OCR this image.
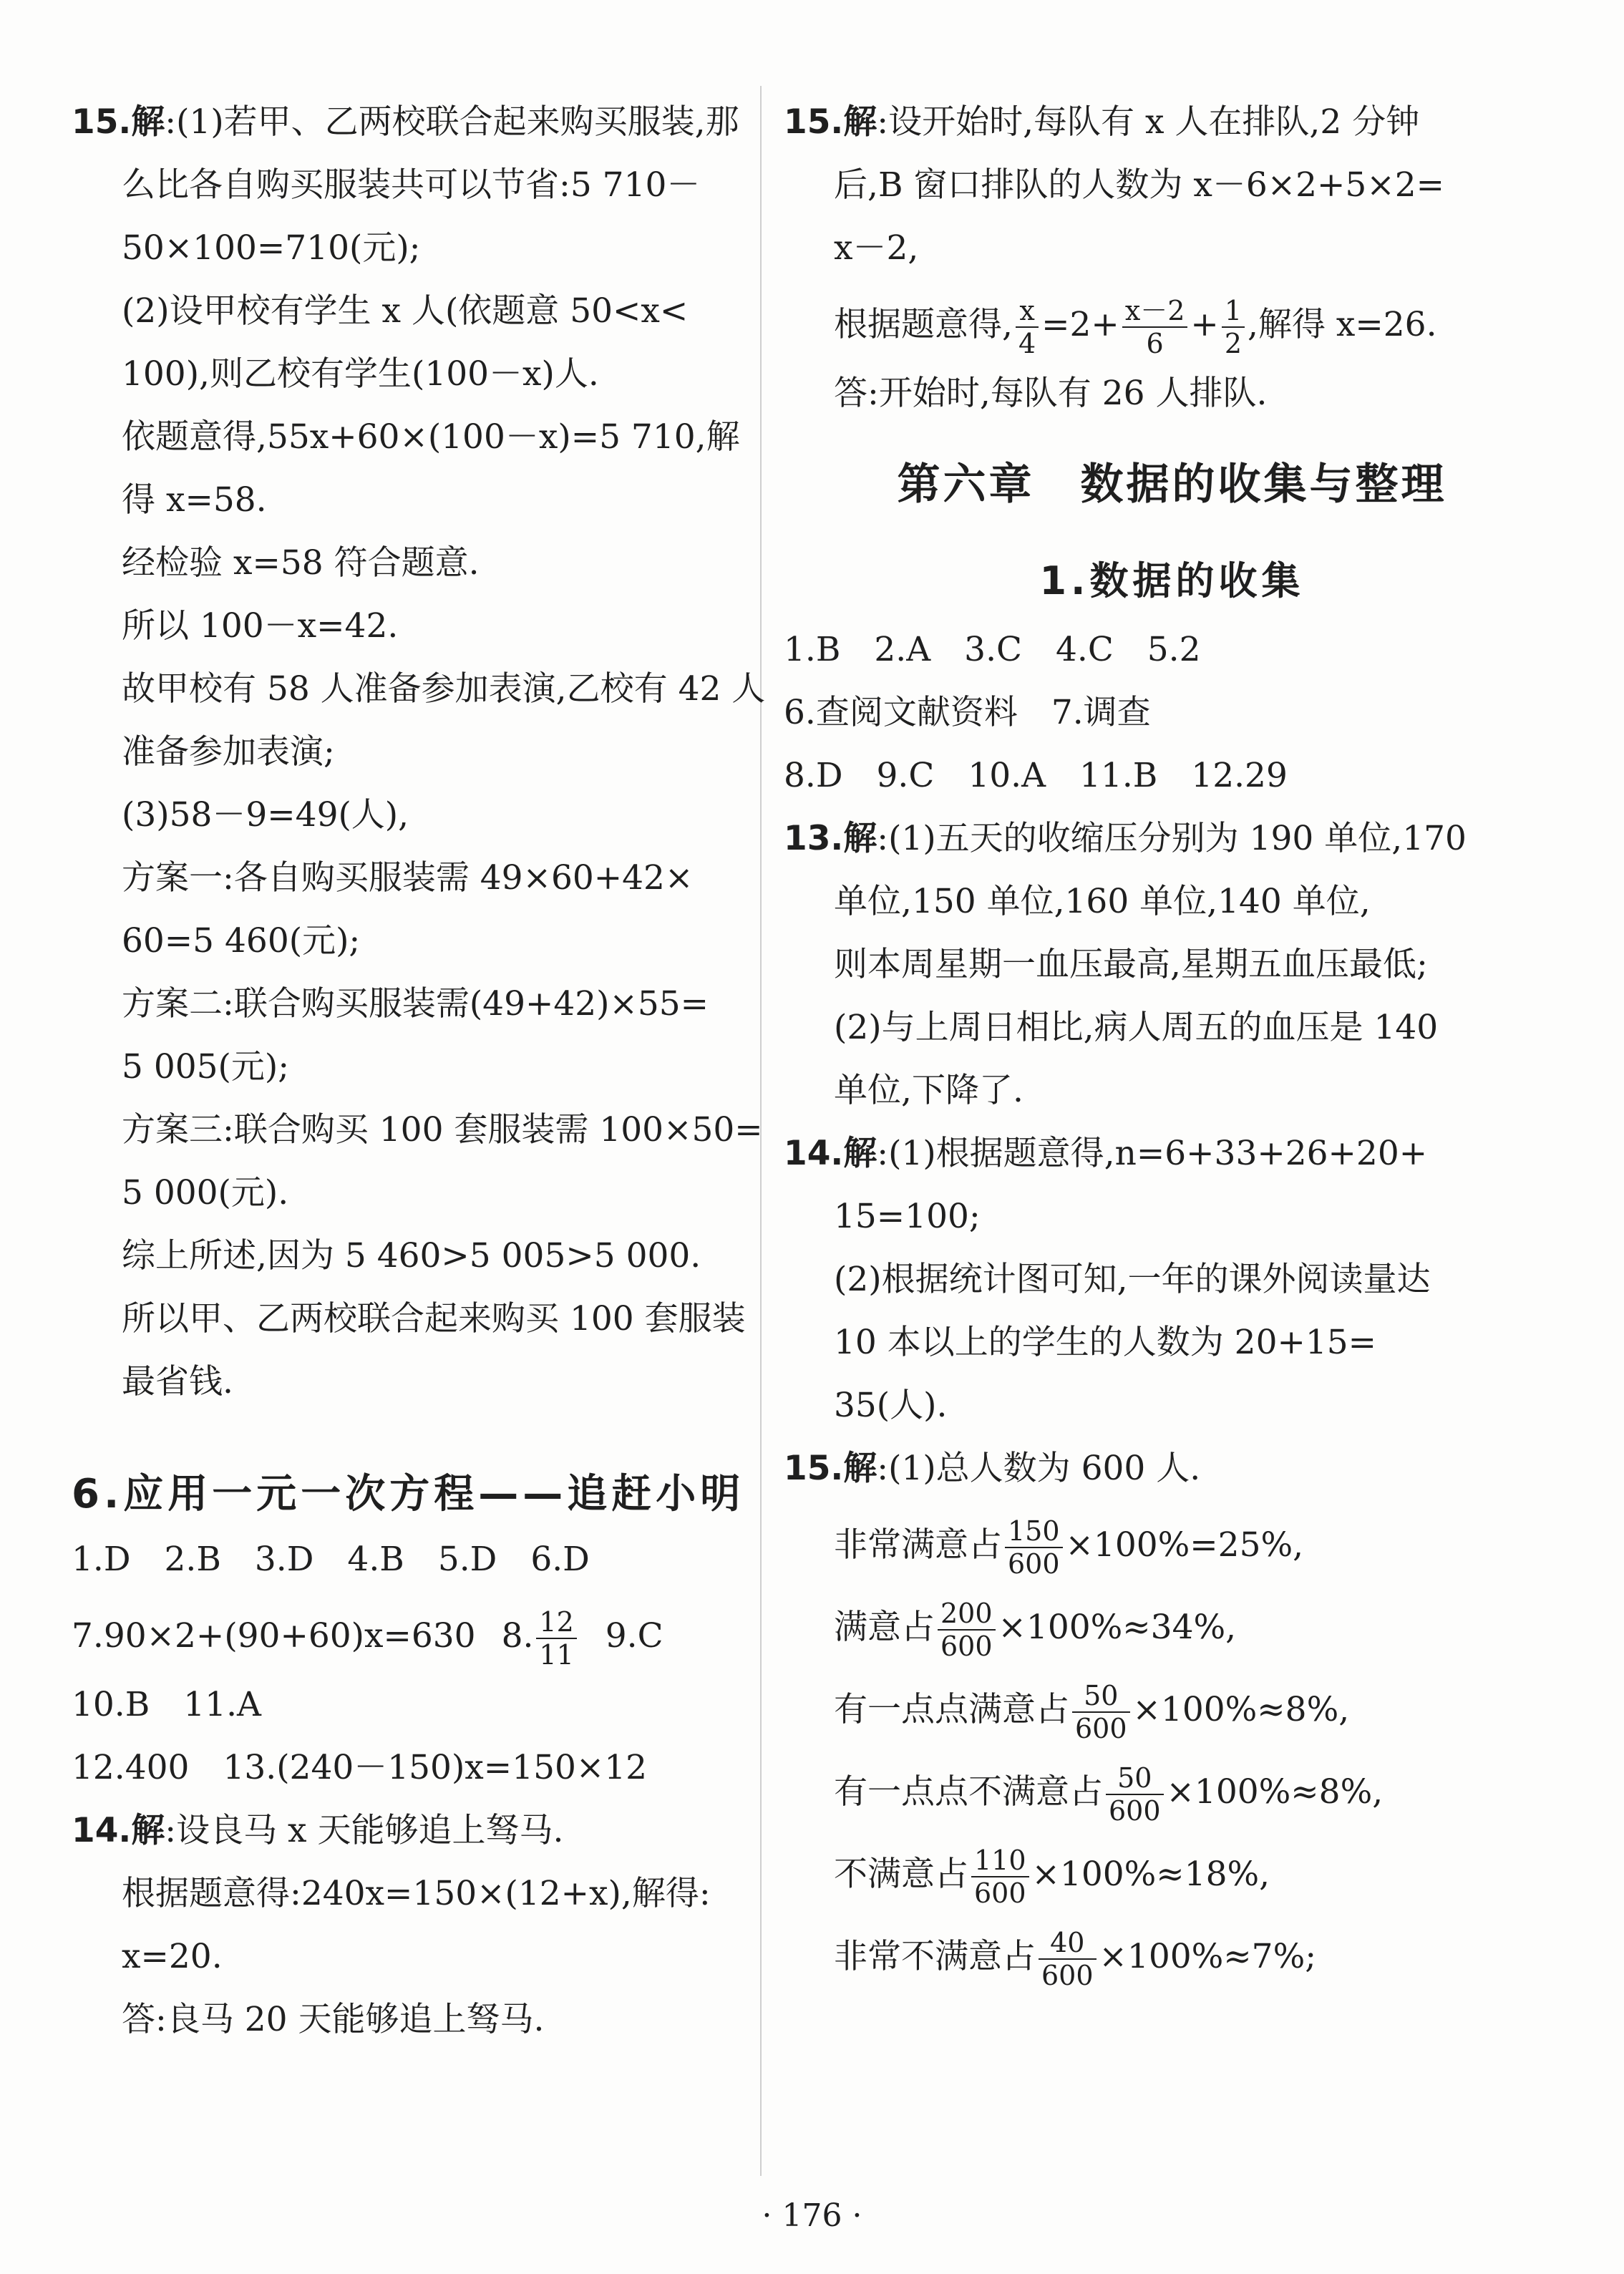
15.解:(1)若甲、乙两校联合起来购买服装,那
么比各自购买服装共可以节省:5 710－
50×100=710(元);
(2)设甲校有学生 x 人(依题意 50<x<
100),则乙校有学生(100－x)人.
依题意得,55x+60×(100－x)=5 710,解
得 x=58.
经检验 x=58 符合题意.
所以 100－x=42.
故甲校有 58 人准备参加表演,乙校有 42 人
准备参加表演;
(3)58－9=49(人),
方案一:各自购买服装需 49×60+42×
60=5 460(元);
方案二:联合购买服装需(49+42)×55=
5 005(元);
方案三:联合购买 100 套服装需 100×50=
5 000(元).
综上所述,因为 5 460>5 005>5 000.
所以甲、乙两校联合起来购买 100 套服装
最省钱.
6.应用一元一次方程——追赶小明
1.D　2.B　3.D　4.B　5.D　6.D
7.90×2+(90+60)x=630 8. $\frac{12}{11} 9.C$
10.B　11.A
12.400　13.(240－150)x=150×12
14.解:设良马 x 天能够追上驽马.
根据题意得:240x=150×(12+x),解得:
x=20.
答:良马 20 天能够追上驽马.
15.解:设开始时,每队有 x 人在排队,2 分钟
后,B 窗口排队的人数为 x－6×2+5×2=
x－2,
根据题意得, $\frac{x}{4} =2+ \frac{x-2}{6} + \frac{1}{2}$ ,解得 x=26.
答:开始时,每队有 26 人排队.
第六章　数据的收集与整理
1.数据的收集
1.B　2.A　3.C　4.C　5.2
6.查阅文献资料　7.调查
8.D　9.C　10.A　11.B　12.29
13.解:(1)五天的收缩压分别为 190 单位,170
单位,150 单位,160 单位,140 单位,
则本周星期一血压最高,星期五血压最低;
(2)与上周日相比,病人周五的血压是 140
单位,下降了.
14.解:(1)根据题意得,n=6+33+26+20+
15=100;
(2)根据统计图可知,一年的课外阅读量达
10 本以上的学生的人数为 20+15=
35(人).
15.解:(1)总人数为 600 人.
非常满意占 $\frac{150}{600} \times 100\%=25\%$,
满意占 $\frac{200}{600} \times 100\%\approx 34\%$,
有一点点满意占 $\frac{50}{600} \times 100\%\approx 8\%$,
有一点点不满意占 $\frac{50}{600} \times 100\%\approx 8\%$,
不满意占 $\frac{110}{600} \times 100\%\approx 18\%$,
非常不满意占 $\frac{40}{600} \times 100\%\approx 7\%$;
· 176 ·
